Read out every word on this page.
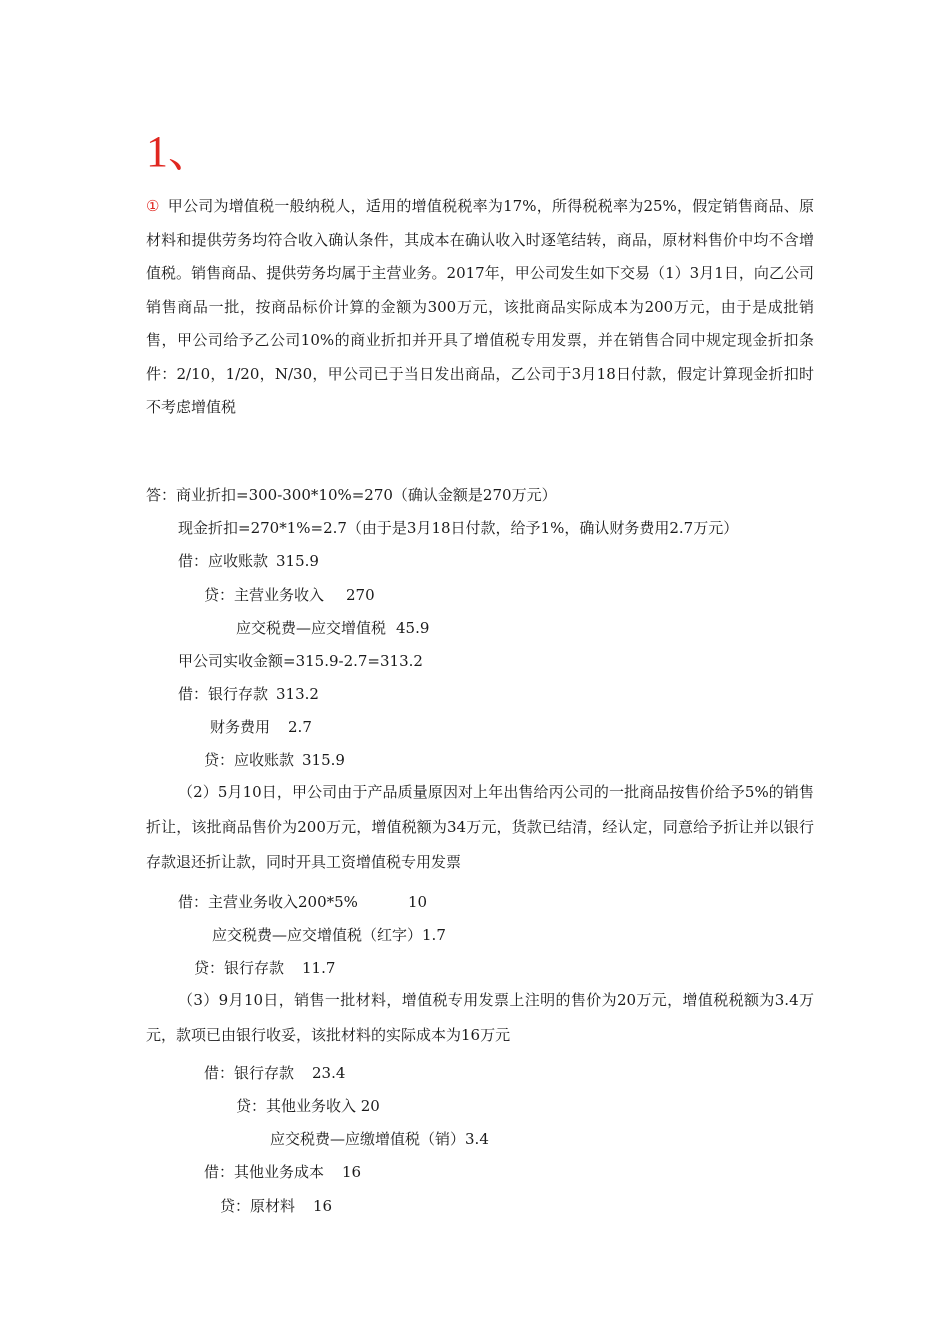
1、
① 甲公司为增值税一般纳税人，适用的增值税税率为17%，所得税税率为25%，假定销售商品、原材料和提供劳务均符合收入确认条件，其成本在确认收入时逐笔结转，商品，原材料售价中均不含增值税。销售商品、提供劳务均属于主营业务。2017年，甲公司发生如下交易（1）3月1日，向乙公司销售商品一批，按商品标价计算的金额为300万元，该批商品实际成本为200万元，由于是成批销售，甲公司给予乙公司10%的商业折扣并开具了增值税专用发票，并在销售合同中规定现金折扣条件：2/10，1/20，N/30，甲公司已于当日发出商品，乙公司于3月18日付款，假定计算现金折扣时不考虑增值税
答：商业折扣=300-300*10%=270（确认金额是270万元）
现金折扣=270*1%=2.7（由于是3月18日付款，给予1%，确认财务费用2.7万元）
借：应收账款 315.9
贷：主营业务收入 270
应交税费—应交增值税 45.9
甲公司实收金额=315.9-2.7=313.2
借：银行存款 313.2
财务费用 2.7
贷：应收账款 315.9
（2）5月10日，甲公司由于产品质量原因对上年出售给丙公司的一批商品按售价给予5%的销售折让，该批商品售价为200万元，增值税额为34万元，货款已结清，经认定，同意给予折让并以银行存款退还折让款，同时开具工资增值税专用发票
借：主营业务收入200*5%	10
应交税费—应交增值税（红字）1.7
贷：银行存款 11.7
（3）9月10日，销售一批材料，增值税专用发票上注明的售价为20万元，增值税税额为3.4万元，款项已由银行收妥，该批材料的实际成本为16万元
借：银行存款 23.4
贷：其他业务收入 20
应交税费—应缴增值税（销）3.4
借：其他业务成本 16
贷：原材料 16
